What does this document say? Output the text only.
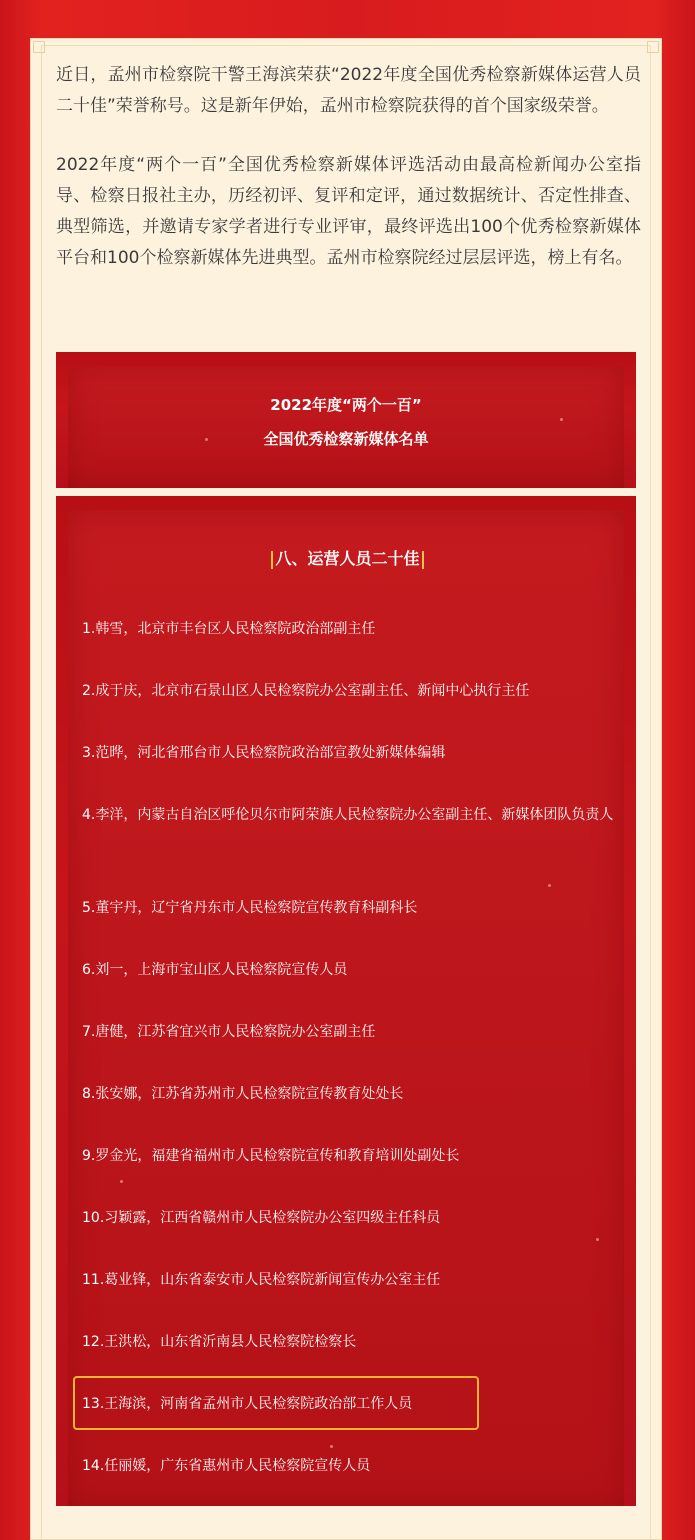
近日，孟州市检察院干警王海滨荣获“2022年度全国优秀检察新媒体运营人员二十佳”荣誉称号。这是新年伊始，孟州市检察院获得的首个国家级荣誉。

2022年度“两个一百”全国优秀检察新媒体评选活动由最高检新闻办公室指导、检察日报社主办，历经初评、复评和定评，通过数据统计、否定性排查、典型筛选，并邀请专家学者进行专业评审，最终评选出100个优秀检察新媒体平台和100个检察新媒体先进典型。孟州市检察院经过层层评选，榜上有名。

2022年度“两个一百”
全国优秀检察新媒体名单
八、运营人员二十佳
1.韩雪，北京市丰台区人民检察院政治部副主任
2.成于庆，北京市石景山区人民检察院办公室副主任、新闻中心执行主任
3.范晔，河北省邢台市人民检察院政治部宣教处新媒体编辑
4.李洋，内蒙古自治区呼伦贝尔市阿荣旗人民检察院办公室副主任、新媒体团队负责人
5.董宇丹，辽宁省丹东市人民检察院宣传教育科副科长
6.刘一，上海市宝山区人民检察院宣传人员
7.唐健，江苏省宜兴市人民检察院办公室副主任
8.张安娜，江苏省苏州市人民检察院宣传教育处处长
9.罗金光，福建省福州市人民检察院宣传和教育培训处副处长
10.习颖露，江西省赣州市人民检察院办公室四级主任科员
11.葛业锋，山东省泰安市人民检察院新闻宣传办公室主任
12.王洪松，山东省沂南县人民检察院检察长
13.王海滨，河南省孟州市人民检察院政治部工作人员
14.任丽媛，广东省惠州市人民检察院宣传人员
